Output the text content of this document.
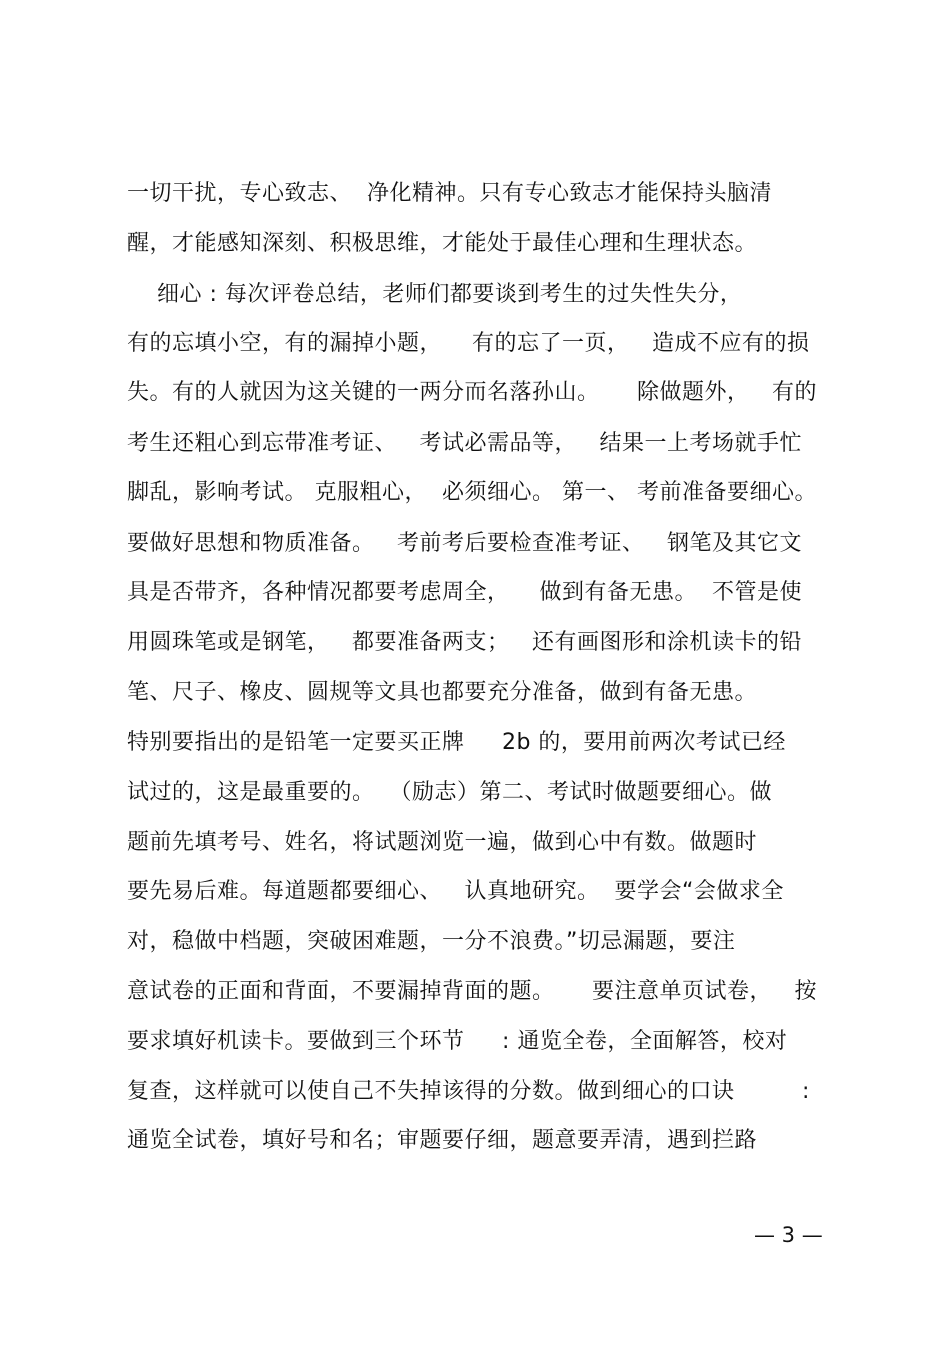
一切干扰，专心致志、  净化精神。只有专心致志才能保持头脑清
醒，才能感知深刻、积极思维，才能处于最佳心理和生理状态。
细心 : 每次评卷总结，老师们都要谈到考生的过失性失分，
有的忘填小空，有的漏掉小题，    有的忘了一页，   造成不应有的损
失。有的人就因为这关键的一两分而名落孙山。     除做题外，   有的
考生还粗心到忘带准考证、   考试必需品等，   结果一上考场就手忙
脚乱，影响考试。 克服粗心，  必须细心。 第一、 考前准备要细心。
要做好思想和物质准备。   考前考后要检查准考证、   钢笔及其它文
具是否带齐，各种情况都要考虑周全，    做到有备无患。  不管是使
用圆珠笔或是钢笔，   都要准备两支；   还有画图形和涂机读卡的铅
笔、尺子、橡皮、圆规等文具也都要充分准备，做到有备无患。
特别要指出的是铅笔一定要买正牌     2b 的，要用前两次考试已经
试过的，这是最重要的。  （励志）第二、考试时做题要细心。做
题前先填考号、姓名，将试题浏览一遍，做到心中有数。做题时
要先易后难。每道题都要细心、   认真地研究。  要学会“会做求全
对，稳做中档题，突破困难题，一分不浪费。”切忌漏题，要注
意试卷的正面和背面，不要漏掉背面的题。     要注意单页试卷，   按
要求填好机读卡。要做到三个环节     : 通览全卷，全面解答，校对
复查，这样就可以使自己不失掉该得的分数。做到细心的口诀         :
通览全试卷，填好号和名；审题要仔细，题意要弄清，遇到拦路
— 3 —
